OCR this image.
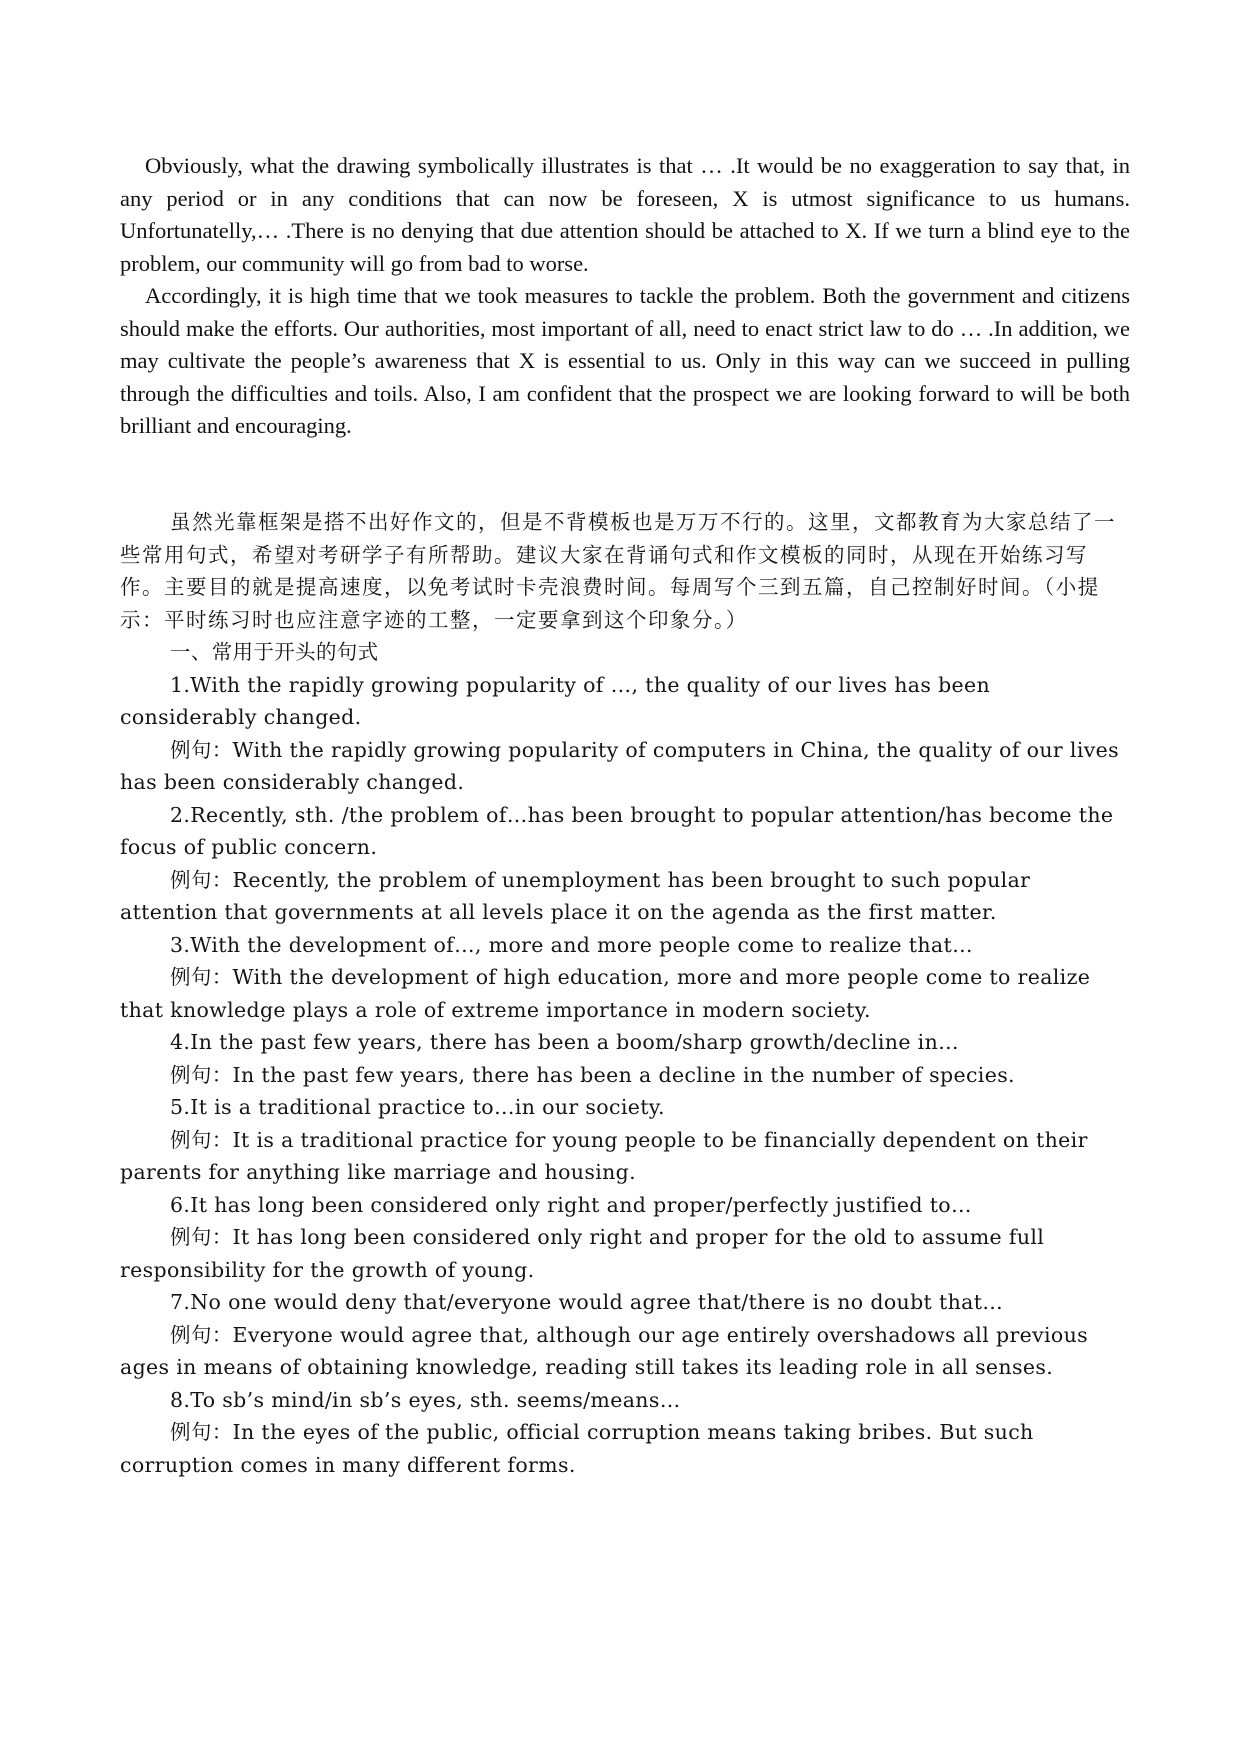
Obviously, what the drawing symbolically illustrates is that … .It would be no exaggeration to say that, in any period or in any conditions that can now be foreseen, X is utmost significance to us humans. Unfortunatelly,… .There is no denying that due attention should be attached to X. If we turn a blind eye to the problem, our community will go from bad to worse.

Accordingly, it is high time that we took measures to tackle the problem. Both the government and citizens should make the efforts. Our authorities, most important of all, need to enact strict law to do … .In addition, we may cultivate the people’s awareness that X is essential to us. Only in this way can we succeed in pulling through the difficulties and toils. Also, I am confident that the prospect we are looking forward to will be both brilliant and encouraging.

虽然光靠框架是搭不出好作文的，但是不背模板也是万万不行的。这里，文都教育为大家总结了一些常用句式，希望对考研学子有所帮助。建议大家在背诵句式和作文模板的同时，从现在开始练习写作。主要目的就是提高速度，以免考试时卡壳浪费时间。每周写个三到五篇，自己控制好时间。（小提示：平时练习时也应注意字迹的工整，一定要拿到这个印象分。）

一、常用于开头的句式

1.With the rapidly growing popularity of …, the quality of our lives has been considerably changed.

例句：With the rapidly growing popularity of computers in China, the quality of our lives has been considerably changed.

2.Recently, sth. /the problem of…has been brought to popular attention/has become the focus of public concern.

例句：Recently, the problem of unemployment has been brought to such popular attention that governments at all levels place it on the agenda as the first matter.

3.With the development of…, more and more people come to realize that…

例句：With the development of high education, more and more people come to realize that knowledge plays a role of extreme importance in modern society.

4.In the past few years, there has been a boom/sharp growth/decline in…

例句：In the past few years, there has been a decline in the number of species.

5.It is a traditional practice to…in our society.

例句：It is a traditional practice for young people to be financially dependent on their parents for anything like marriage and housing.

6.It has long been considered only right and proper/perfectly justified to…

例句：It has long been considered only right and proper for the old to assume full responsibility for the growth of young.

7.No one would deny that/everyone would agree that/there is no doubt that…

例句：Everyone would agree that, although our age entirely overshadows all previous ages in means of obtaining knowledge, reading still takes its leading role in all senses.

8.To sb’s mind/in sb’s eyes, sth. seems/means…

例句：In the eyes of the public, official corruption means taking bribes. But such corruption comes in many different forms.
